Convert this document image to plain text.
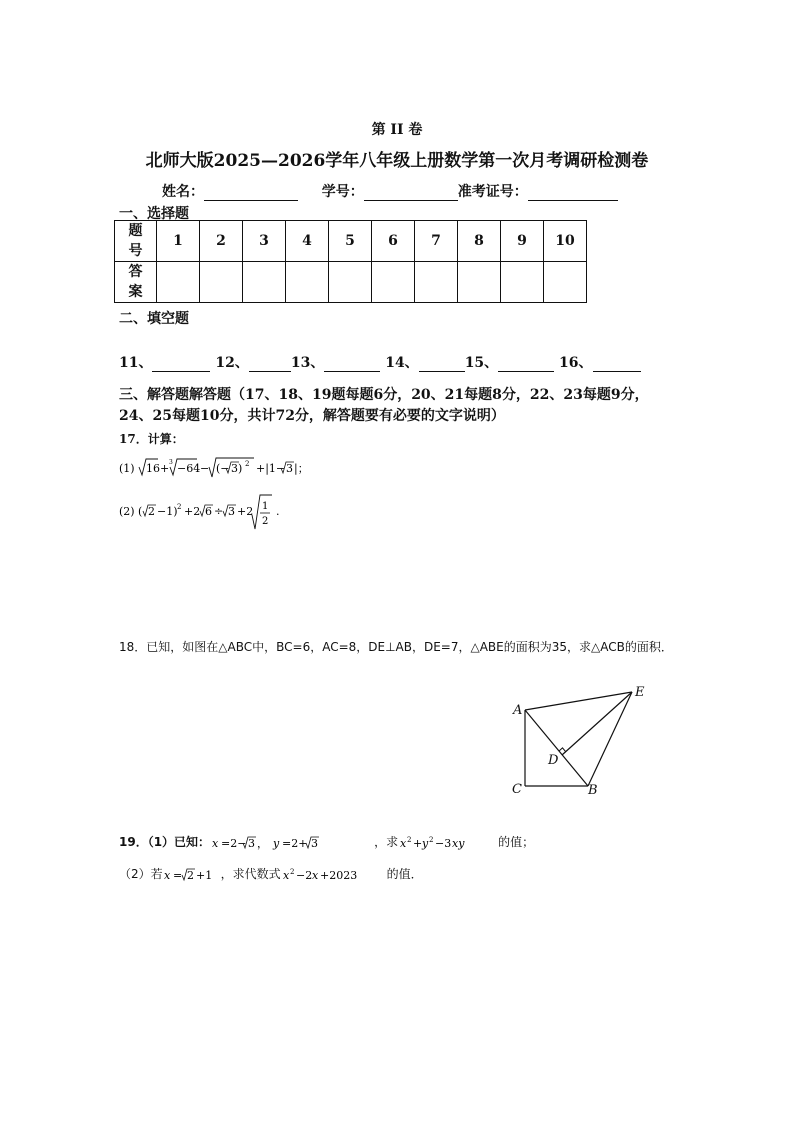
第 II 卷
北师大版2025—2026学年八年级上册数学第一次月考调研检测卷
姓名：	学号：	准考证号：
一、选择题
题
号	1	2	3	4	5	6	7	8	9	10

答
案										

二、填空题
11、	12、	13、	14、	15、	16、
三、解答题解答题（17、18、19题每题6分，20、21每题8分，22、23每题9分，24、25每题10分，共计72分，解答题要有必要的文字说明）
17．计算：
(1) 16 + 3 −64 − (− 3) 2 +|1− 3 |；
(2) ( 2 −1) 2 +2 6 ÷ 3 +2 1
2
.
18．已知，如图在△ABC中，BC=6，AC=8，DE⊥AB，DE=7，△ABE的面积为35，求△ACB的面积．
A
E
D
C	B
19．（1）已知： x =2− 3 ， y =2+ 3	，求 x 2 + y 2 −3 xy	的值；
（2）若 x = 2 +1 ，求代数式 x 2 −2 x +2023 的值．
